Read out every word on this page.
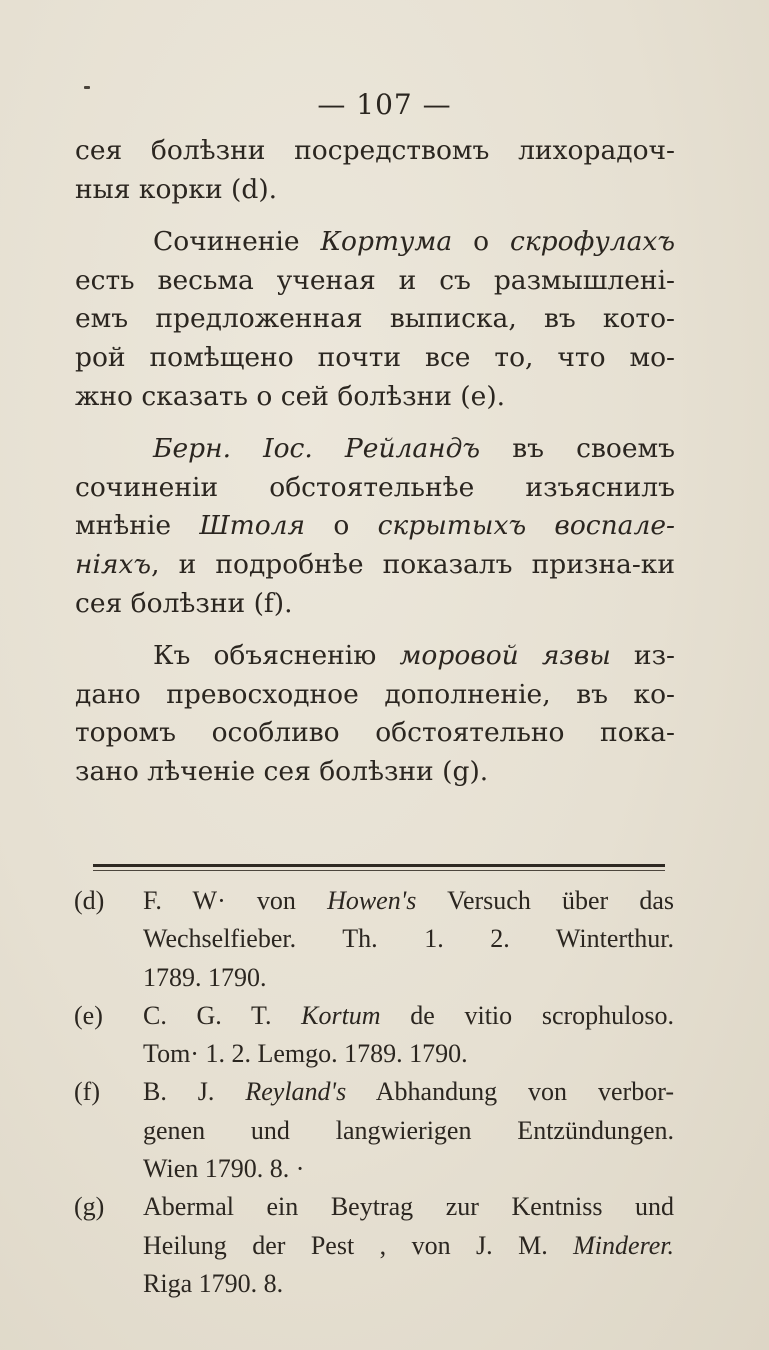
— 107 —
сея болѣзни посредствомъ лихорадоч-
ныя корки (d).
Сочиненіе Кортума о скрофулахъ
есть весьма ученая и съ размышлені-
емъ предложенная выписка, въ кото-
рой помѣщено почти все то, что мо-
жно сказать о сей болѣзни (е).
Берн. Іос. Рейландъ въ своемъ
сочиненіи обстоятельнѣе изъяснилъ
мнѣніе Штоля о скрытыхъ воспале-
ніяхъ, и подробнѣе показалъ призна-ки
сея болѣзни (f).
Къ объясненію моровой язвы из-
дано превосходное дополненіе, въ ко-
торомъ особливо обстоятельно пока-
зано лѣченіе сея болѣзни (g).
(d) F. W· von Howen's Versuch über das
Wechselfieber. Th. 1. 2. Winterthur.
1789. 1790.
(e) C. G. T. Kortum de vitio scrophuloso.
Tom· 1. 2. Lemgo. 1789. 1790.
(f) B. J. Reyland's Abhandung von verbor-
genen und langwierigen Entzündungen.
Wien 1790. 8. ·
(g) Abermal ein Beytrag zur Kentniss und
Heilung der Pest , von J. M. Minderer.
Riga 1790. 8.
